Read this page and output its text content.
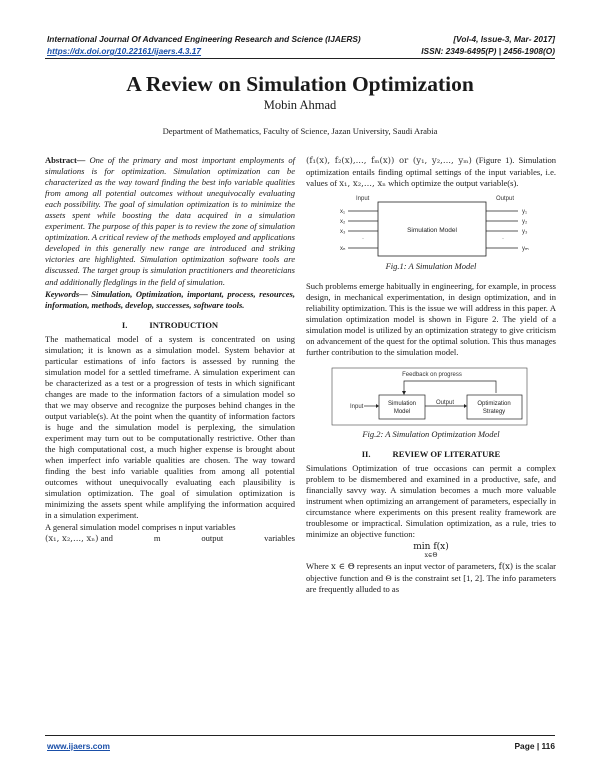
International Journal Of Advanced Engineering Research and Science (IJAERS)	[Vol-4, Issue-3, Mar- 2017]
https://dx.doi.org/10.22161/ijaers.4.3.17	ISSN: 2349-6495(P) | 2456-1908(O)
A Review on Simulation Optimization
Mobin Ahmad
Department of Mathematics, Faculty of Science, Jazan University, Saudi Arabia

Abstract— One of the primary and most important employments of simulations is for optimization. Simulation optimization can be characterized as the way toward finding the best info variable qualities from among all potential outcomes without unequivocally evaluating each possibility. The goal of simulation optimization is to minimize the assets spent while boosting the data acquired in a simulation experiment. The purpose of this paper is to review the zone of simulation optimization. A critical review of the methods employed and applications developed in this generally new range are introduced and striking victories are highlighted. Simulation optimization software tools are discussed. The target group is simulation practitioners and theoreticians and additionally fledglings in the field of simulation.

Keywords— Simulation, Optimization, important, process, resources, information, methods, develop, successes, software tools.

I.	INTRODUCTION

The mathematical model of a system is concentrated on using simulation; it is known as a simulation model. System behavior at particular estimations of info factors is assessed by running the simulation model for a settled timeframe. A simulation experiment can be characterized as a test or a progression of tests in which significant changes are made to the information factors of a simulation model so that we may observe and recognize the purposes behind changes in the output variable(s). At the point when the quantity of information factors is huge and the simulation model is perplexing, the simulation experiment may turn out to be computationally restrictive. Other than the high computational cost, a much higher expense is brought about when imperfect info variable qualities are chosen. The way toward finding the best info variable qualities from among all potential outcomes without unequivocally evaluating each plausibility is simulation optimization. The goal of simulation optimization is minimizing the assets spent while amplifying the information acquired in a simulation experiment.

A general simulation model comprises n input variables

(x₁, x₂,..., xₙ) and	m	output	variables

(f₁(x), f₂(x),..., fₘ(x)) or (y₁, y₂,..., yₘ) (Figure 1). Simulation optimization entails finding optimal settings of the input variables, i.e. values of x₁, x₂,..., xₙ which optimize the output variable(s).

Input	Output
Simulation Model
·
x₁
x₂
x₃
xₙ
·
y₁
y₂
y₃
yₘ

Fig.1: A Simulation Model

Such problems emerge habitually in engineering, for example, in process design, in mechanical experimentation, in design optimization, and in reliability optimization. This is the issue we will address in this paper. A simulation optimization model is shown in Figure 2. The yield of a simulation model is utilized by an optimization strategy to give criticism on advancement of the quest for the optimal solution. This thus manages further contribution to the simulation model.

Feedback on progress
Input	Simulation
Model
Output	Optimization
Strategy

Fig.2: A Simulation Optimization Model

II.	REVIEW OF LITERATURE

Simulations Optimization of true occasions can permit a complex problem to be dismembered and examined in a productive, safe, and financially savvy way. A simulation becomes a much more valuable instrument when optimizing an arrangement of parameters, especially in circumstance where experiments on this present reality framework are troublesome or impractical. Simulation optimization, as a rule, tries to minimize an objective function:

min f(x)
x∈Θ

Where x ∈ Θ represents an input vector of parameters, f(x) is the scalar objective function and Θ is the constraint set [1, 2]. The info parameters are frequently alluded to as

www.ijaers.com	Page | 116
